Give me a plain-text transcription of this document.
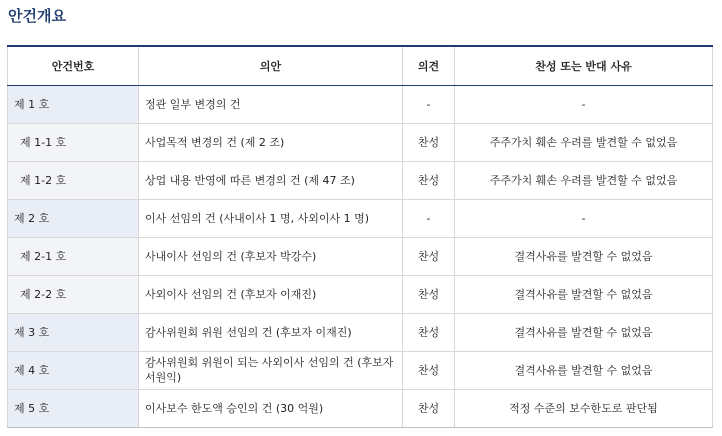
안건개요
안건번호	의안	의견	찬성 또는 반대 사유
제 1 호	정관 일부 변경의 건	-	-
제 1-1 호	사업목적 변경의 건 (제 2 조)	찬성	주주가치 훼손 우려를 발견할 수 없었음
제 1-2 호	상업 내용 반영에 따른 변경의 건 (제 47 조)	찬성	주주가치 훼손 우려를 발견할 수 없었음
제 2 호	이사 선임의 건 (사내이사 1 명, 사외이사 1 명)	-	-
제 2-1 호	사내이사 선임의 건 (후보자 박강수)	찬성	결격사유를 발견할 수 없었음
제 2-2 호	사외이사 선임의 건 (후보자 이재진)	찬성	결격사유를 발견할 수 없었음
제 3 호	감사위원회 위원 선임의 건 (후보자 이재진)	찬성	결격사유를 발견할 수 없었음
제 4 호	감사위원회 위원이 되는 사외이사 선임의 건 (후보자 서원익)	찬성	결격사유를 발견할 수 없었음
제 5 호	이사보수 한도액 승인의 건 (30 억원)	찬성	적정 수준의 보수한도로 판단됨
